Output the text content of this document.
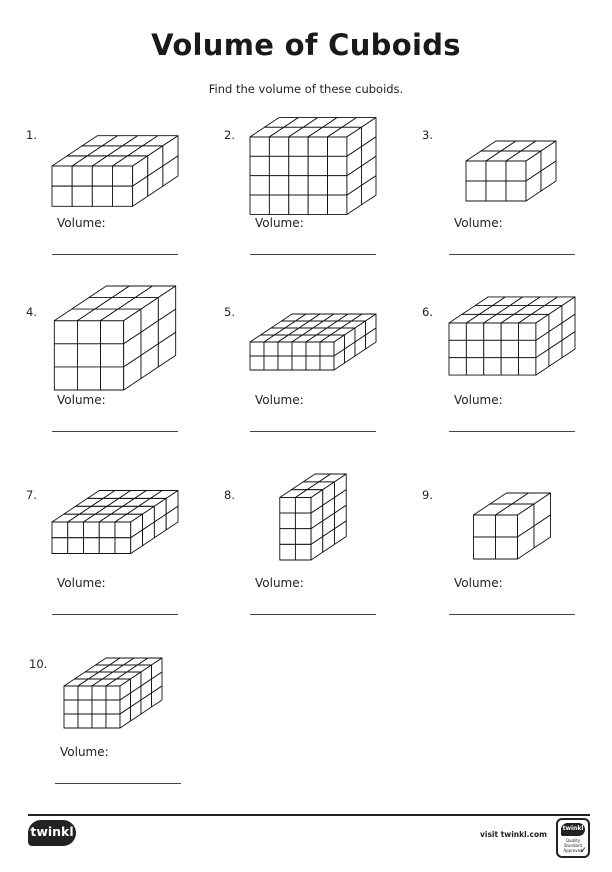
Volume of Cuboids
Find the volume of these cuboids.
1.
Volume:
2.
Volume:
3.
Volume:
4.
Volume:
5.
Volume:
6.
Volume:
7.
Volume:
8.
Volume:
9.
Volume:
10.
Volume:
twinkl	visit twinkl.com
twinkl
Quality Standard Approved
✓
